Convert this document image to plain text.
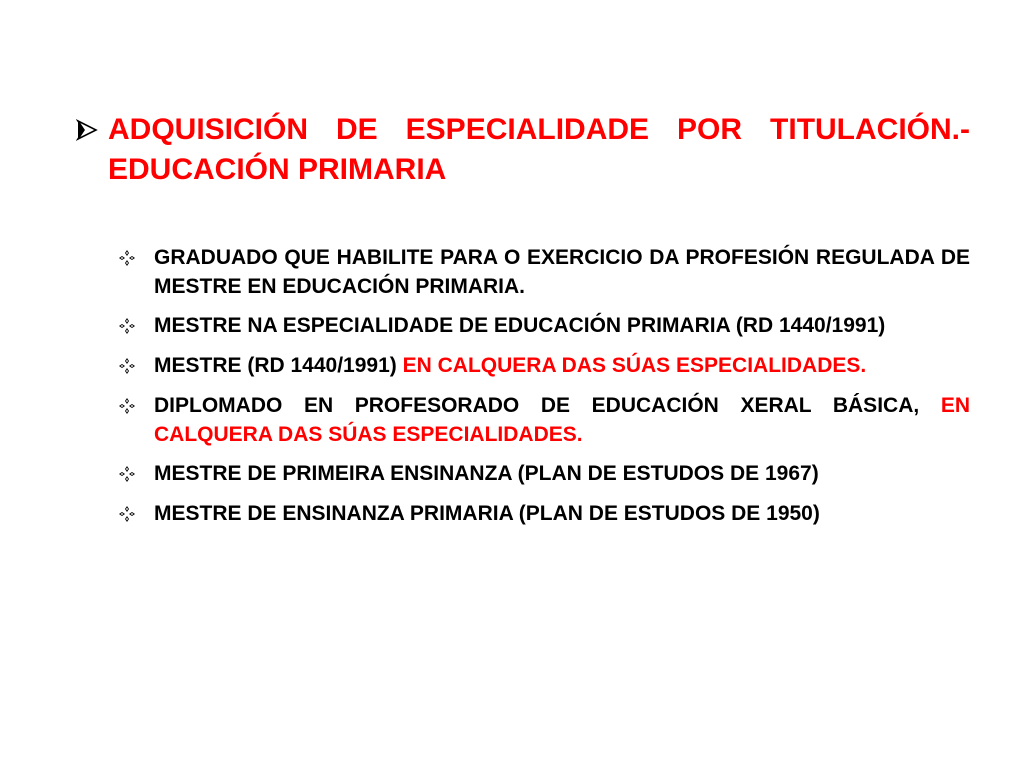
ADQUISICIÓN DE ESPECIALIDADE POR TITULACIÓN.- EDUCACIÓN PRIMARIA
GRADUADO QUE HABILITE PARA O EXERCICIO DA PROFESIÓN REGULADA DE MESTRE EN EDUCACIÓN PRIMARIA.
MESTRE NA ESPECIALIDADE DE EDUCACIÓN PRIMARIA (RD 1440/1991)
MESTRE (RD 1440/1991) EN CALQUERA DAS SÚAS ESPECIALIDADES.
DIPLOMADO EN PROFESORADO DE EDUCACIÓN XERAL BÁSICA, EN CALQUERA DAS SÚAS ESPECIALIDADES.
MESTRE DE PRIMEIRA ENSINANZA (PLAN DE ESTUDOS DE 1967)
MESTRE DE ENSINANZA PRIMARIA (PLAN DE ESTUDOS DE 1950)
